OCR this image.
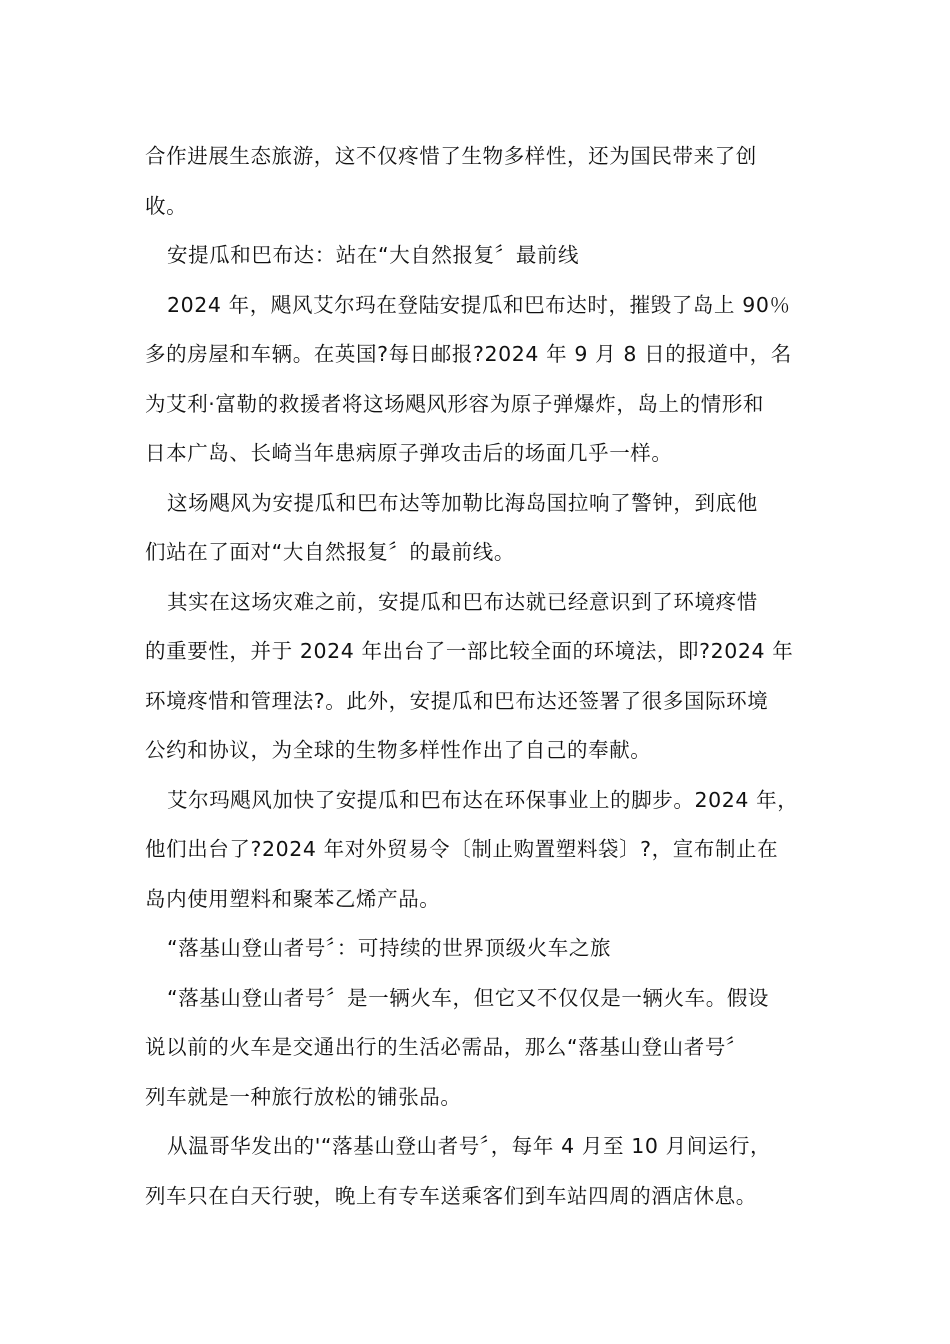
合作进展生态旅游，这不仅疼惜了生物多样性，还为国民带来了创
收。

安提瓜和巴布达：站在“大自然报复〞最前线

2024 年，飓风艾尔玛在登陆安提瓜和巴布达时，摧毁了岛上 90％
多的房屋和车辆。在英国?每日邮报?2024 年 9 月 8 日的报道中，名
为艾利·富勒的救援者将这场飓风形容为原子弹爆炸，岛上的情形和
日本广岛、长崎当年患病原子弹攻击后的场面几乎一样。

这场飓风为安提瓜和巴布达等加勒比海岛国拉响了警钟，到底他
们站在了面对“大自然报复〞的最前线。

其实在这场灾难之前，安提瓜和巴布达就已经意识到了环境疼惜
的重要性，并于 2024 年出台了一部比较全面的环境法，即?2024 年
环境疼惜和管理法?。此外，安提瓜和巴布达还签署了很多国际环境
公约和协议，为全球的生物多样性作出了自己的奉献。

艾尔玛飓风加快了安提瓜和巴布达在环保事业上的脚步。2024 年，
他们出台了?2024 年对外贸易令〔制止购置塑料袋〕?，宣布制止在
岛内使用塑料和聚苯乙烯产品。

“落基山登山者号〞：可持续的世界顶级火车之旅

“落基山登山者号〞是一辆火车，但它又不仅仅是一辆火车。假设
说以前的火车是交通出行的生活必需品，那么“落基山登山者号〞
列车就是一种旅行放松的铺张品。

从温哥华发出的'“落基山登山者号〞，每年 4 月至 10 月间运行，
列车只在白天行驶，晚上有专车送乘客们到车站四周的酒店休息。
